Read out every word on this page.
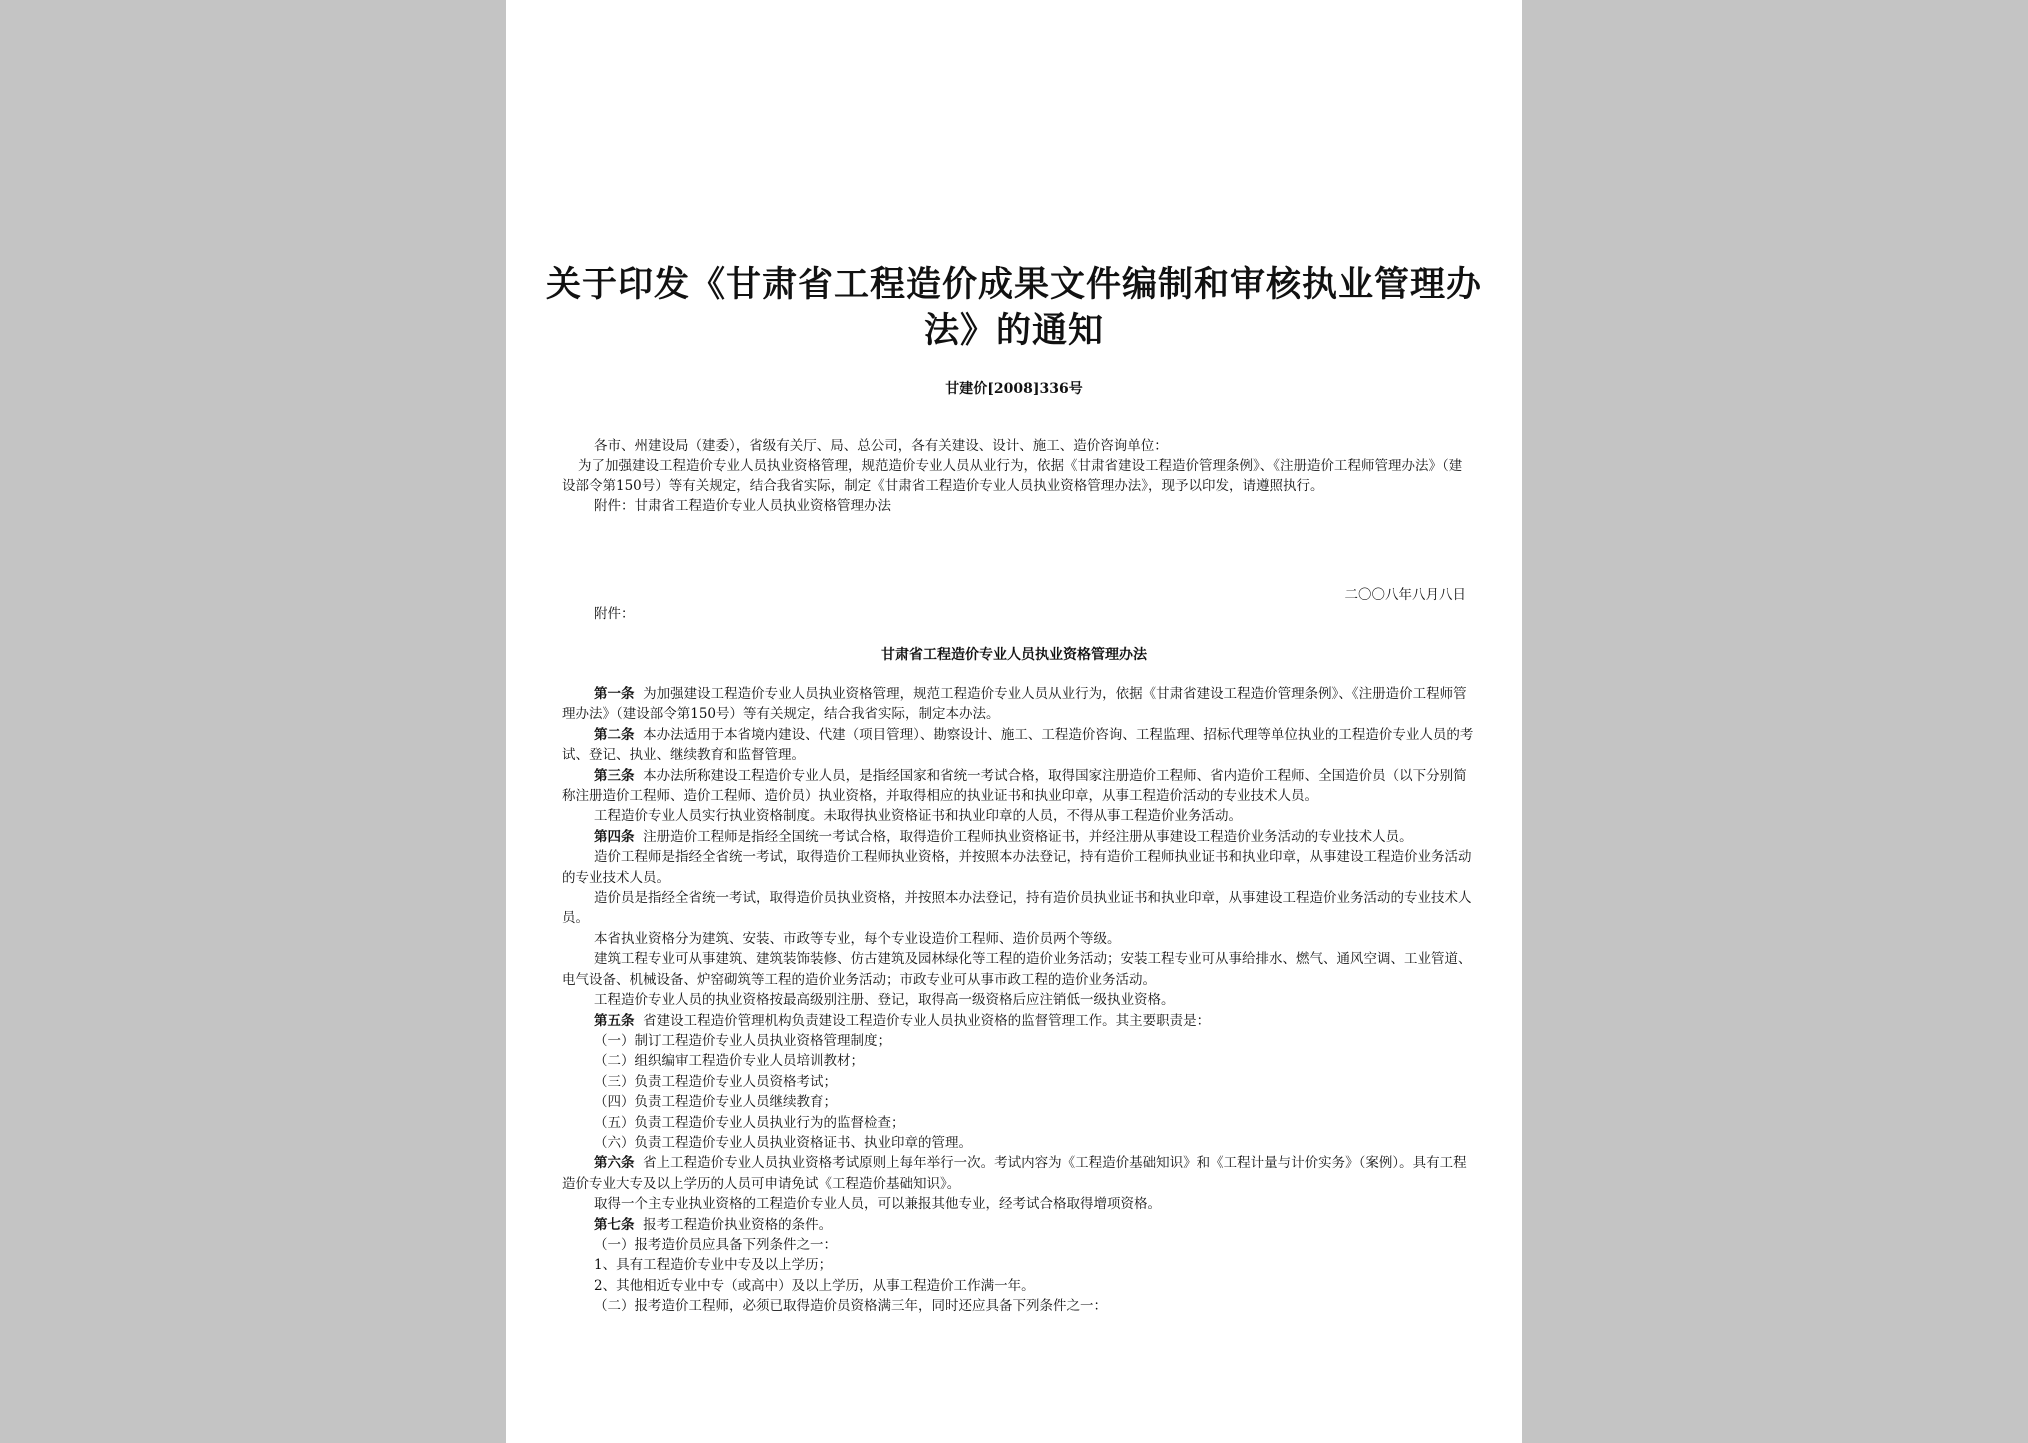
关于印发《甘肃省工程造价成果文件编制和审核执业管理办法》的通知

甘建价[2008]336号

各市、州建设局（建委），省级有关厅、局、总公司，各有关建设、设计、施工、造价咨询单位：

为了加强建设工程造价专业人员执业资格管理，规范造价专业人员从业行为，依据《甘肃省建设工程造价管理条例》、《注册造价工程师管理办法》（建设部令第150号）等有关规定，结合我省实际，制定《甘肃省工程造价专业人员执业资格管理办法》，现予以印发，请遵照执行。

附件：甘肃省工程造价专业人员执业资格管理办法

二〇〇八年八月八日

附件：

甘肃省工程造价专业人员执业资格管理办法

第一条 为加强建设工程造价专业人员执业资格管理，规范工程造价专业人员从业行为，依据《甘肃省建设工程造价管理条例》、《注册造价工程师管理办法》（建设部令第150号）等有关规定，结合我省实际，制定本办法。

第二条 本办法适用于本省境内建设、代建（项目管理）、勘察设计、施工、工程造价咨询、工程监理、招标代理等单位执业的工程造价专业人员的考试、登记、执业、继续教育和监督管理。

第三条 本办法所称建设工程造价专业人员，是指经国家和省统一考试合格，取得国家注册造价工程师、省内造价工程师、全国造价员（以下分别简称注册造价工程师、造价工程师、造价员）执业资格，并取得相应的执业证书和执业印章，从事工程造价活动的专业技术人员。

工程造价专业人员实行执业资格制度。未取得执业资格证书和执业印章的人员，不得从事工程造价业务活动。

第四条 注册造价工程师是指经全国统一考试合格，取得造价工程师执业资格证书，并经注册从事建设工程造价业务活动的专业技术人员。

造价工程师是指经全省统一考试，取得造价工程师执业资格，并按照本办法登记，持有造价工程师执业证书和执业印章，从事建设工程造价业务活动的专业技术人员。

造价员是指经全省统一考试，取得造价员执业资格，并按照本办法登记，持有造价员执业证书和执业印章，从事建设工程造价业务活动的专业技术人员。

本省执业资格分为建筑、安装、市政等专业，每个专业设造价工程师、造价员两个等级。

建筑工程专业可从事建筑、建筑装饰装修、仿古建筑及园林绿化等工程的造价业务活动；安装工程专业可从事给排水、燃气、通风空调、工业管道、电气设备、机械设备、炉窑砌筑等工程的造价业务活动；市政专业可从事市政工程的造价业务活动。

工程造价专业人员的执业资格按最高级别注册、登记，取得高一级资格后应注销低一级执业资格。

第五条 省建设工程造价管理机构负责建设工程造价专业人员执业资格的监督管理工作。其主要职责是：

（一）制订工程造价专业人员执业资格管理制度；

（二）组织编审工程造价专业人员培训教材；

（三）负责工程造价专业人员资格考试；

（四）负责工程造价专业人员继续教育；

（五）负责工程造价专业人员执业行为的监督检查；

（六）负责工程造价专业人员执业资格证书、执业印章的管理。

第六条 省上工程造价专业人员执业资格考试原则上每年举行一次。考试内容为《工程造价基础知识》和《工程计量与计价实务》（案例）。具有工程造价专业大专及以上学历的人员可申请免试《工程造价基础知识》。

取得一个主专业执业资格的工程造价专业人员，可以兼报其他专业，经考试合格取得增项资格。

第七条 报考工程造价执业资格的条件。

（一）报考造价员应具备下列条件之一：

1、具有工程造价专业中专及以上学历；

2、其他相近专业中专（或高中）及以上学历，从事工程造价工作满一年。

（二）报考造价工程师，必须已取得造价员资格满三年，同时还应具备下列条件之一：
